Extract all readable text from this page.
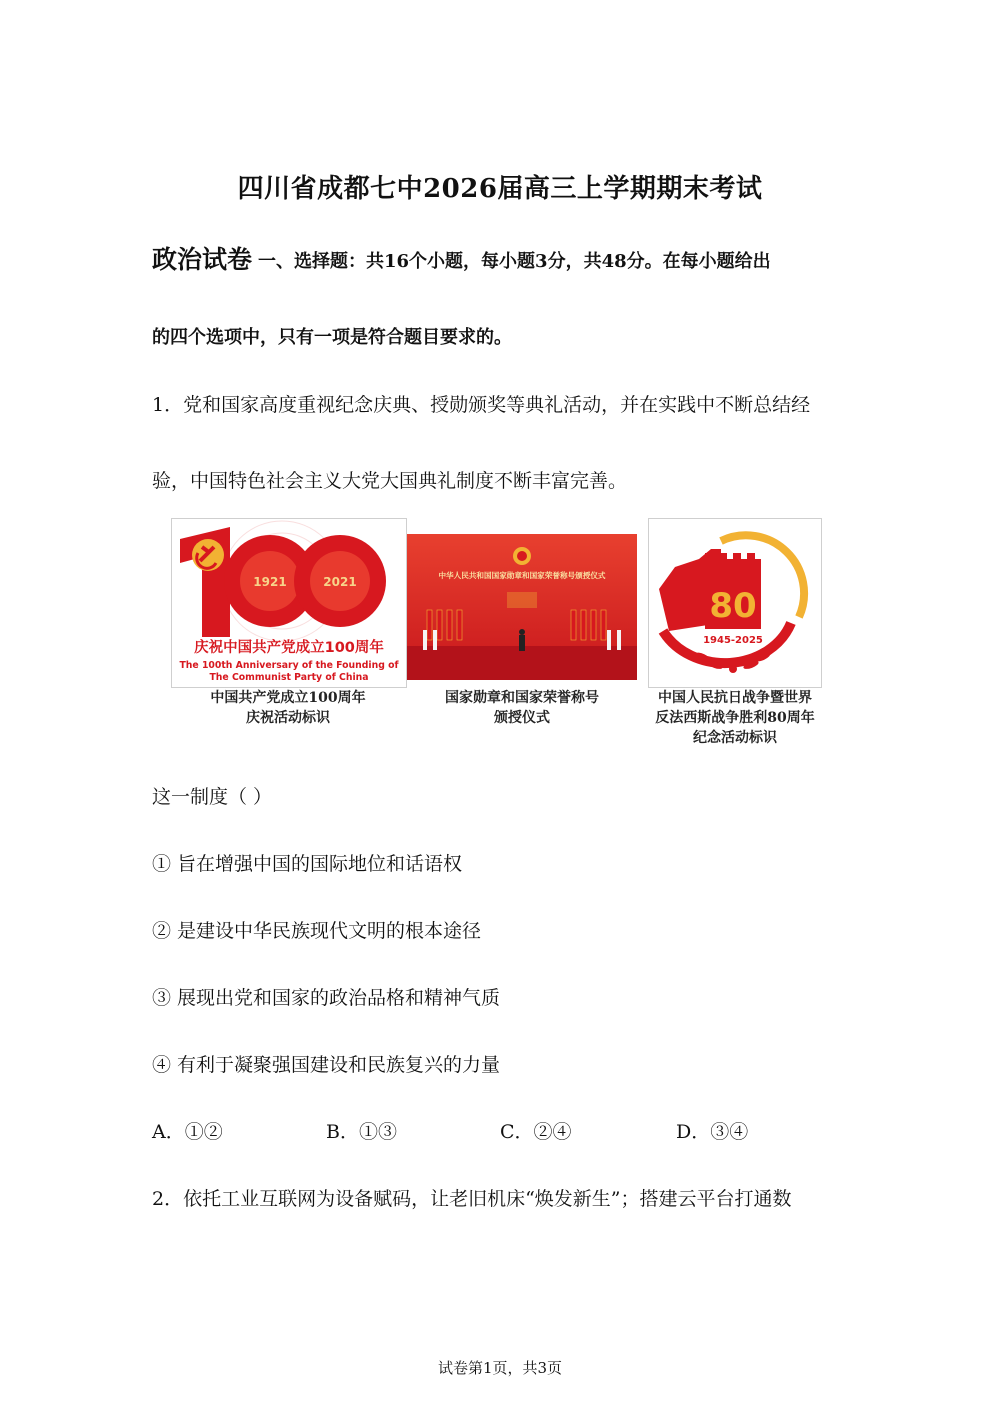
四川省成都七中2026届高三上学期期末考试
政治试卷 一、选择题：共16个小题，每小题3分，共48分。在每小题给出
的四个选项中，只有一项是符合题目要求的。
1．党和国家高度重视纪念庆典、授勋颁奖等典礼活动，并在实践中不断总结经
验，中国特色社会主义大党大国典礼制度不断丰富完善。
1921	2021
庆祝中国共产党成立100周年
The 100th Anniversary of the Founding of
The Communist Party of China
中华人民共和国国家勋章和国家荣誉称号颁授仪式
80
1945-2025
中国共产党成立100周年
庆祝活动标识
国家勋章和国家荣誉称号
颁授仪式
中国人民抗日战争暨世界
反法西斯战争胜利80周年
纪念活动标识
这一制度（ ）
① 旨在增强中国的国际地位和话语权
② 是建设中华民族现代文明的根本途径
③ 展现出党和国家的政治品格和精神气质
④ 有利于凝聚强国建设和民族复兴的力量
A．①②	B．①③	C．②④	D．③④
2．依托工业互联网为设备赋码，让老旧机床“焕发新生”；搭建云平台打通数
试卷第1页，共3页
